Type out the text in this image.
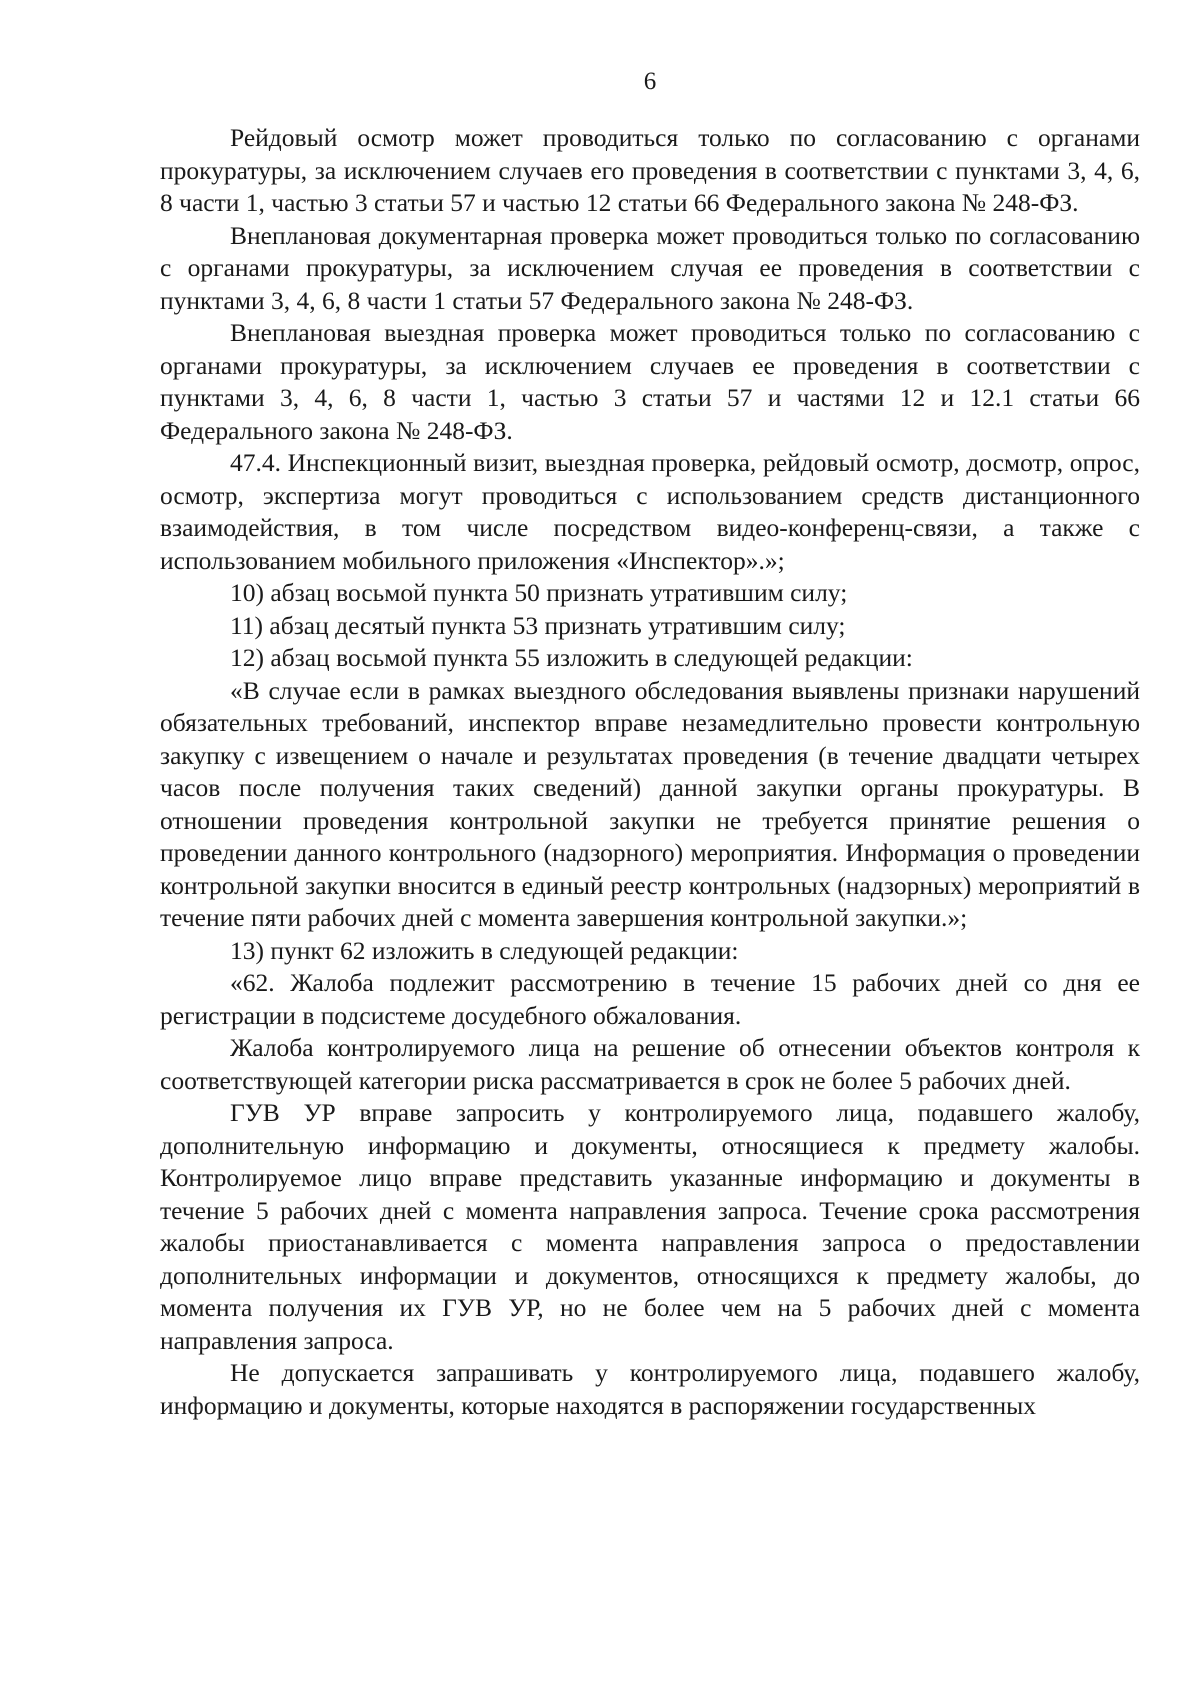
6

Рейдовый осмотр может проводиться только по согласованию с органами прокуратуры, за исключением случаев его проведения в соответствии с пунктами 3, 4, 6, 8 части 1, частью 3 статьи 57 и частью 12 статьи 66 Федерального закона № 248-ФЗ.

Внеплановая документарная проверка может проводиться только по согласованию с органами прокуратуры, за исключением случая ее проведения в соответствии с пунктами 3, 4, 6, 8 части 1 статьи 57 Федерального закона № 248-ФЗ.

Внеплановая выездная проверка может проводиться только по согласованию с органами прокуратуры, за исключением случаев ее проведения в соответствии с пунктами 3, 4, 6, 8 части 1, частью 3 статьи 57 и частями 12 и 12.1 статьи 66 Федерального закона № 248-ФЗ.

47.4. Инспекционный визит, выездная проверка, рейдовый осмотр, досмотр, опрос, осмотр, экспертиза могут проводиться с использованием средств дистанционного взаимодействия, в том числе посредством видео-конференц-связи, а также с использованием мобильного приложения «Инспектор».»;

10) абзац восьмой пункта 50 признать утратившим силу;

11) абзац десятый пункта 53 признать утратившим силу;

12) абзац восьмой пункта 55 изложить в следующей редакции:

«В случае если в рамках выездного обследования выявлены признаки нарушений обязательных требований, инспектор вправе незамедлительно провести контрольную закупку с извещением о начале и результатах проведения (в течение двадцати четырех часов после получения таких сведений) данной закупки органы прокуратуры. В отношении проведения контрольной закупки не требуется принятие решения о проведении данного контрольного (надзорного) мероприятия. Информация о проведении контрольной закупки вносится в единый реестр контрольных (надзорных) мероприятий в течение пяти рабочих дней с момента завершения контрольной закупки.»;

13) пункт 62 изложить в следующей редакции:

«62. Жалоба подлежит рассмотрению в течение 15 рабочих дней со дня ее регистрации в подсистеме досудебного обжалования.

Жалоба контролируемого лица на решение об отнесении объектов контроля к соответствующей категории риска рассматривается в срок не более 5 рабочих дней.

ГУВ УР вправе запросить у контролируемого лица, подавшего жалобу, дополнительную информацию и документы, относящиеся к предмету жалобы. Контролируемое лицо вправе представить указанные информацию и документы в течение 5 рабочих дней с момента направления запроса. Течение срока рассмотрения жалобы приостанавливается с момента направления запроса о предоставлении дополнительных информации и документов, относящихся к предмету жалобы, до момента получения их ГУВ УР, но не более чем на 5 рабочих дней с момента направления запроса.

Не допускается запрашивать у контролируемого лица, подавшего жалобу, информацию и документы, которые находятся в распоряжении государственных
